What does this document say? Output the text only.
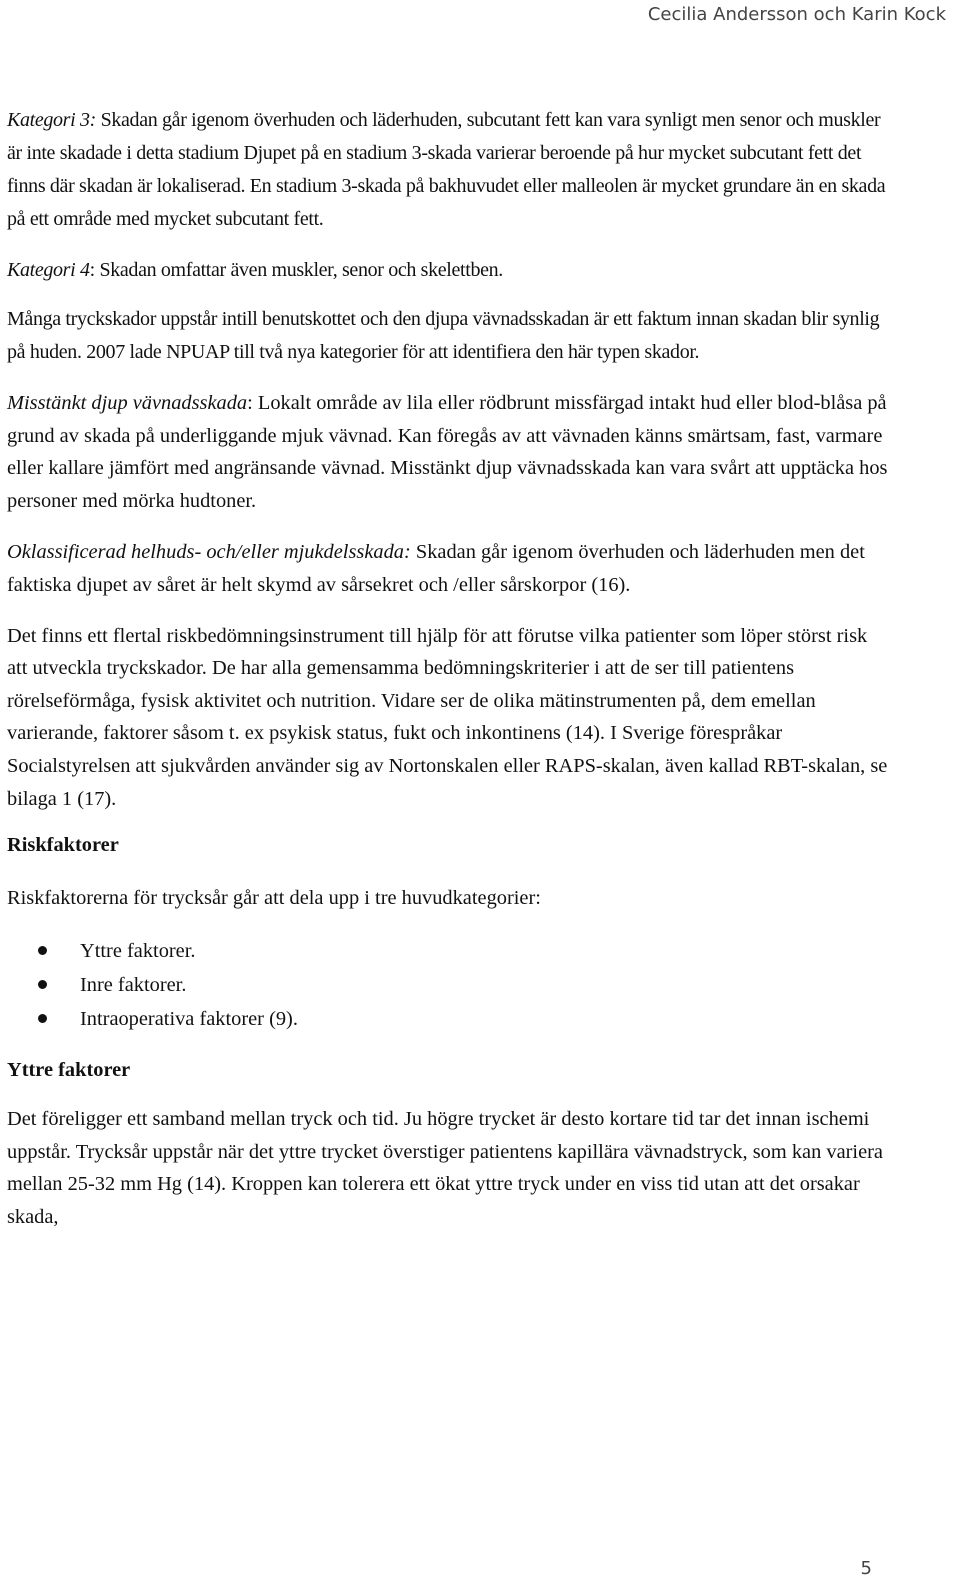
Cecilia Andersson och Karin Kock

Kategori 3: Skadan går igenom överhuden och läderhuden, subcutant fett kan vara synligt men senor och muskler är inte skadade i detta stadium Djupet på en stadium 3-skada varierar beroende på hur mycket subcutant fett det finns där skadan är lokaliserad. En stadium 3-skada på bakhuvudet eller malleolen är mycket grundare än en skada på ett område med mycket subcutant fett.

Kategori 4: Skadan omfattar även muskler, senor och skelettben.

Många tryckskador uppstår intill benutskottet och den djupa vävnadsskadan är ett faktum innan skadan blir synlig på huden. 2007 lade NPUAP till två nya kategorier för att identifiera den här typen skador.

Misstänkt djup vävnadsskada: Lokalt område av lila eller rödbrunt missfärgad intakt hud eller blod-blåsa på grund av skada på underliggande mjuk vävnad. Kan föregås av att vävnaden känns smärtsam, fast, varmare eller kallare jämfört med angränsande vävnad. Misstänkt djup vävnadsskada kan vara svårt att upptäcka hos personer med mörka hudtoner.

Oklassificerad helhuds- och/eller mjukdelsskada: Skadan går igenom överhuden och läderhuden men det faktiska djupet av såret är helt skymd av sårsekret och /eller sårskorpor (16).

Det finns ett flertal riskbedömningsinstrument till hjälp för att förutse vilka patienter som löper störst risk att utveckla tryckskador. De har alla gemensamma bedömningskriterier i att de ser till patientens rörelseförmåga, fysisk aktivitet och nutrition. Vidare ser de olika mätinstrumenten på, dem emellan varierande, faktorer såsom t. ex psykisk status, fukt och inkontinens (14). I Sverige förespråkar Socialstyrelsen att sjukvården använder sig av Nortonskalen eller RAPS-skalan, även kallad RBT-skalan, se bilaga 1 (17).

Riskfaktorer

Riskfaktorerna för trycksår går att dela upp i tre huvudkategorier:

Yttre faktorer.
Inre faktorer.
Intraoperativa faktorer (9).

Yttre faktorer

Det föreligger ett samband mellan tryck och tid. Ju högre trycket är desto kortare tid tar det innan ischemi uppstår. Trycksår uppstår när det yttre trycket överstiger patientens kapillära vävnadstryck, som kan variera mellan 25-32 mm Hg (14). Kroppen kan tolerera ett ökat yttre tryck under en viss tid utan att det orsakar skada,

5
